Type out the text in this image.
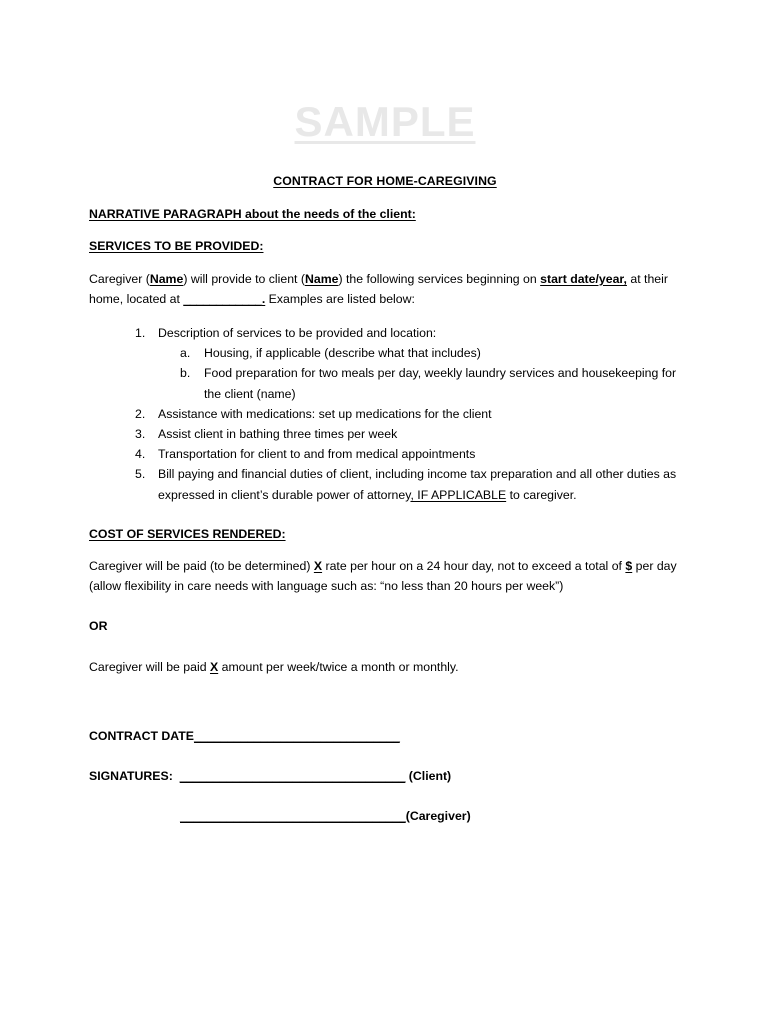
SAMPLE
CONTRACT FOR HOME-CAREGIVING
NARRATIVE PARAGRAPH about the needs of the client:
SERVICES TO BE PROVIDED:
Caregiver (Name) will provide to client (Name) the following services beginning on start date/year, at their home, located at ____________. Examples are listed below:
1.	Description of services to be provided and location:
a.	Housing, if applicable (describe what that includes)
b.	Food preparation for two meals per day, weekly laundry services and housekeeping for the client (name)
2.	Assistance with medications: set up medications for the client
3.	Assist client in bathing three times per week
4.	Transportation for client to and from medical appointments
5.	Bill paying and financial duties of client, including income tax preparation and all other duties as expressed in client’s durable power of attorney, IF APPLICABLE to caregiver.
COST OF SERVICES RENDERED:
Caregiver will be paid (to be determined) X rate per hour on a 24 hour day, not to exceed a total of $ per day (allow flexibility in care needs with language such as: “no less than 20 hours per week”)
OR
Caregiver will be paid X amount per week/twice a month or monthly.
CONTRACT DATE_______________________________
SIGNATURES: __________________________________ (Client)
__________________________________(Caregiver)
